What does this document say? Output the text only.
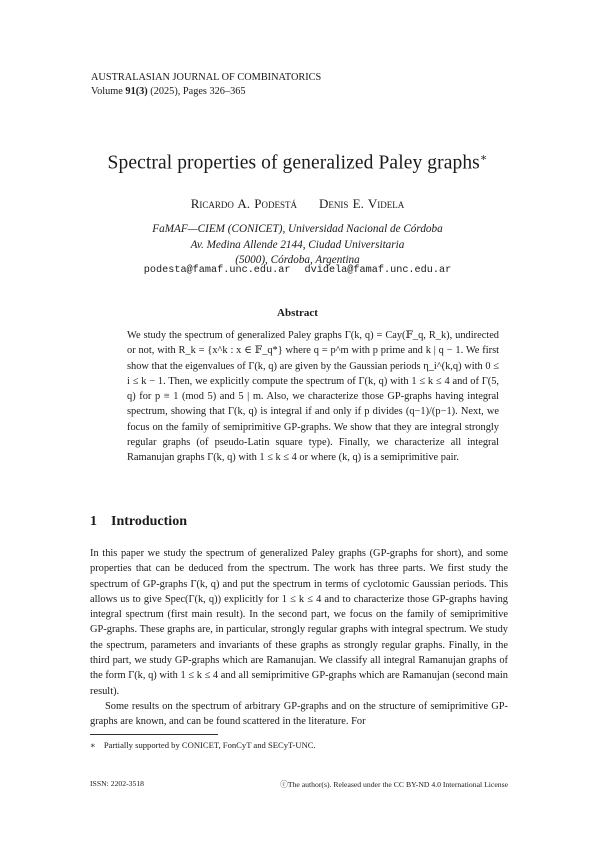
AUSTRALASIAN JOURNAL OF COMBINATORICS
Volume 91(3) (2025), Pages 326–365
Spectral properties of generalized Paley graphs∗
Ricardo A. Podestá Denis E. Videla
FaMAF—CIEM (CONICET), Universidad Nacional de Córdoba
Av. Medina Allende 2144, Ciudad Universitaria
(5000), Córdoba, Argentina
podesta@famaf.unc.edu.ar dvidela@famaf.unc.edu.ar
Abstract

We study the spectrum of generalized Paley graphs Γ(k, q) = Cay(𝔽_q, R_k), undirected or not, with R_k = {x^k : x ∈ 𝔽_q*} where q = p^m with p prime and k | q − 1. We first show that the eigenvalues of Γ(k, q) are given by the Gaussian periods η_i^(k,q) with 0 ≤ i ≤ k − 1. Then, we explicitly compute the spectrum of Γ(k, q) with 1 ≤ k ≤ 4 and of Γ(5, q) for p ≡ 1 (mod 5) and 5 | m. Also, we characterize those GP-graphs having integral spectrum, showing that Γ(k, q) is integral if and only if p divides (q−1)/(p−1). Next, we focus on the family of semiprimitive GP-graphs. We show that they are integral strongly regular graphs (of pseudo-Latin square type). Finally, we characterize all integral Ramanujan graphs Γ(k, q) with 1 ≤ k ≤ 4 or where (k, q) is a semiprimitive pair.

1 Introduction

In this paper we study the spectrum of generalized Paley graphs (GP-graphs for short), and some properties that can be deduced from the spectrum. The work has three parts. We first study the spectrum of GP-graphs Γ(k, q) and put the spectrum in terms of cyclotomic Gaussian periods. This allows us to give Spec(Γ(k, q)) explicitly for 1 ≤ k ≤ 4 and to characterize those GP-graphs having integral spectrum (first main result). In the second part, we focus on the family of semiprimitive GP-graphs. These graphs are, in particular, strongly regular graphs with integral spectrum. We study the spectrum, parameters and invariants of these graphs as strongly regular graphs. Finally, in the third part, we study GP-graphs which are Ramanujan. We classify all integral Ramanujan graphs of the form Γ(k, q) with 1 ≤ k ≤ 4 and all semiprimitive GP-graphs which are Ramanujan (second main result).

Some results on the spectrum of arbitrary GP-graphs and on the structure of semiprimitive GP-graphs are known, and can be found scattered in the literature. For

∗ Partially supported by CONICET, FonCyT and SECyT-UNC.
ISSN: 2202-3518	ⓒThe author(s). Released under the CC BY-ND 4.0 International License
